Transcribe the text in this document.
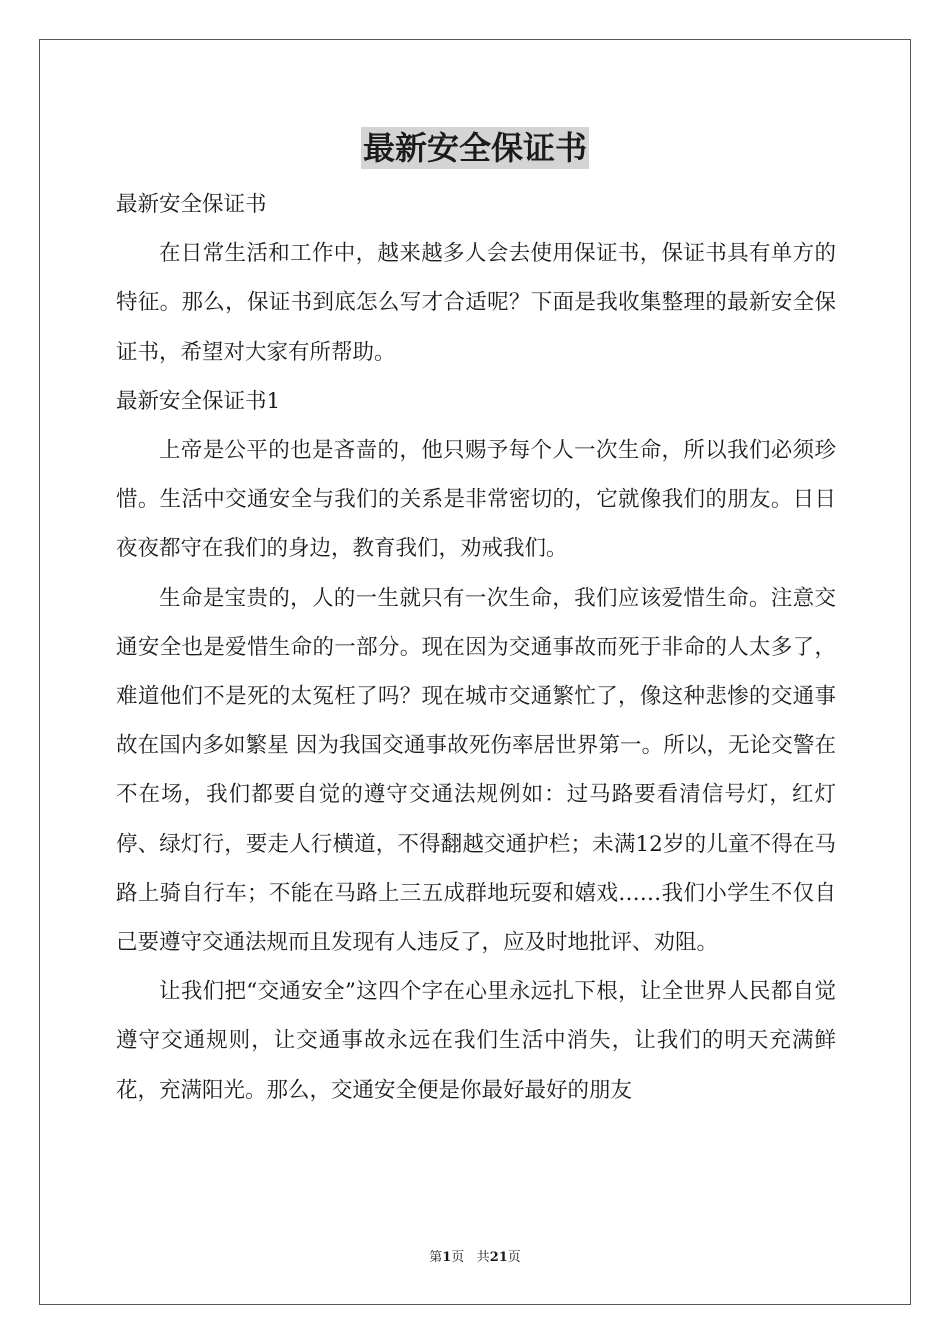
最新安全保证书

最新安全保证书

在日常生活和工作中，越来越多人会去使用保证书，保证书具有单方的特征。那么，保证书到底怎么写才合适呢？下面是我收集整理的最新安全保证书，希望对大家有所帮助。

最新安全保证书1

上帝是公平的也是吝啬的，他只赐予每个人一次生命，所以我们必须珍惜。生活中交通安全与我们的关系是非常密切的，它就像我们的朋友。日日夜夜都守在我们的身边，教育我们，劝戒我们。

生命是宝贵的，人的一生就只有一次生命，我们应该爱惜生命。注意交通安全也是爱惜生命的一部分。现在因为交通事故而死于非命的人太多了，难道他们不是死的太冤枉了吗？现在城市交通繁忙了，像这种悲惨的交通事故在国内多如繁星 因为我国交通事故死伤率居世界第一。所以，无论交警在不在场，我们都要自觉的遵守交通法规例如：过马路要看清信号灯，红灯停、绿灯行，要走人行横道，不得翻越交通护栏；未满12岁的儿童不得在马路上骑自行车；不能在马路上三五成群地玩耍和嬉戏……我们小学生不仅自己要遵守交通法规而且发现有人违反了，应及时地批评、劝阻。

让我们把“交通安全”这四个字在心里永远扎下根，让全世界人民都自觉遵守交通规则，让交通事故永远在我们生活中消失，让我们的明天充满鲜花，充满阳光。那么，交通安全便是你最好最好的朋友

第1页 共21页
